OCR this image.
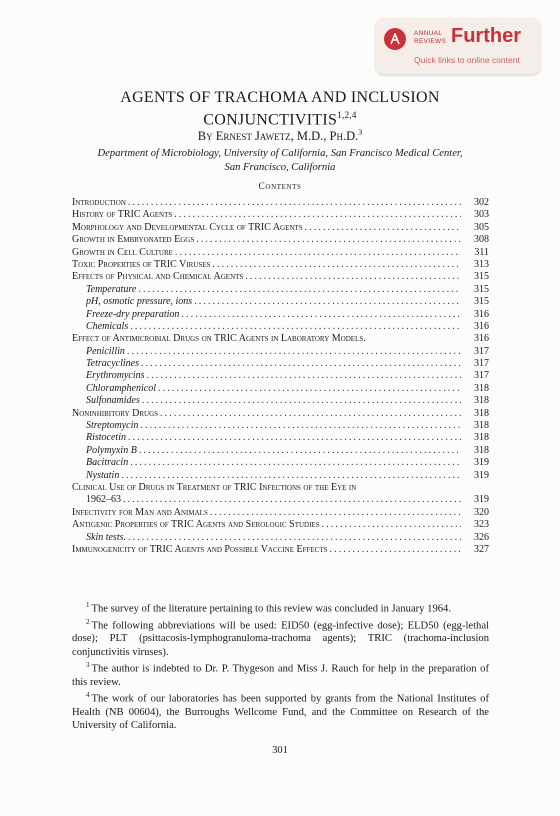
ANNUAL
REVIEWS Further
Quick links to online content
AGENTS OF TRACHOMA AND INCLUSION
CONJUNCTIVITIS$^{1,2,4}$
By Ernest Jawetz, M.D., Ph.D.$^3$
Department of Microbiology, University of California, San Francisco Medical Center,
San Francisco, California
Contents
Introduction . . .	302
History of TRIC Agents . . .	303
Morphology and Developmental Cycle of TRIC Agents . . .	305
Growth in Embryonated Eggs . . .	308
Growth in Cell Culture . . .	311
Toxic Properties of TRIC Viruses . . .	313
Effects of Physical and Chemical Agents . . .	315
Temperature . . .	315
pH, osmotic pressure, ions . . .	315
Freeze-dry preparation . . .	316
Chemicals . . .	316
Effect of Antimicrobial Drugs on TRIC Agents in Laboratory Models.	316
Penicillin . . .	317
Tetracyclines . . .	317
Erythromycins . . .	317
Chloramphenicol . . .	318
Sulfonamides . . .	318
Noninhibitory Drugs . . .	318
Streptomycin . . .	318
Ristocetin . . .	318
Polymyxin B . . .	318
Bacitracin . . .	319
Nystatin . . .	319
Clinical Use of Drugs in Treatment of TRIC Infections of the Eye in
1962–63 . . .	319
Infectivity for Man and Animals . . .	320
Antigenic Properties of TRIC Agents and Serologic Studies . . .	323
Skin tests. . . .	326
Immunogenicity of TRIC Agents and Possible Vaccine Effects . . .	327

$^1$ The survey of the literature pertaining to this review was concluded in January 1964.

$^2$ The following abbreviations will be used: EID50 (egg-infective dose); ELD50 (egg-lethal dose); PLT (psittacosis-lymphogranuloma-trachoma agents); TRIC (trachoma-inclusion conjunctivitis viruses).

$^3$ The author is indebted to Dr. P. Thygeson and Miss J. Rauch for help in the preparation of this review.

$^4$ The work of our laboratories has been supported by grants from the National Institutes of Health (NB 00604), the Burroughs Wellcome Fund, and the Committee on Research of the University of California.

301
